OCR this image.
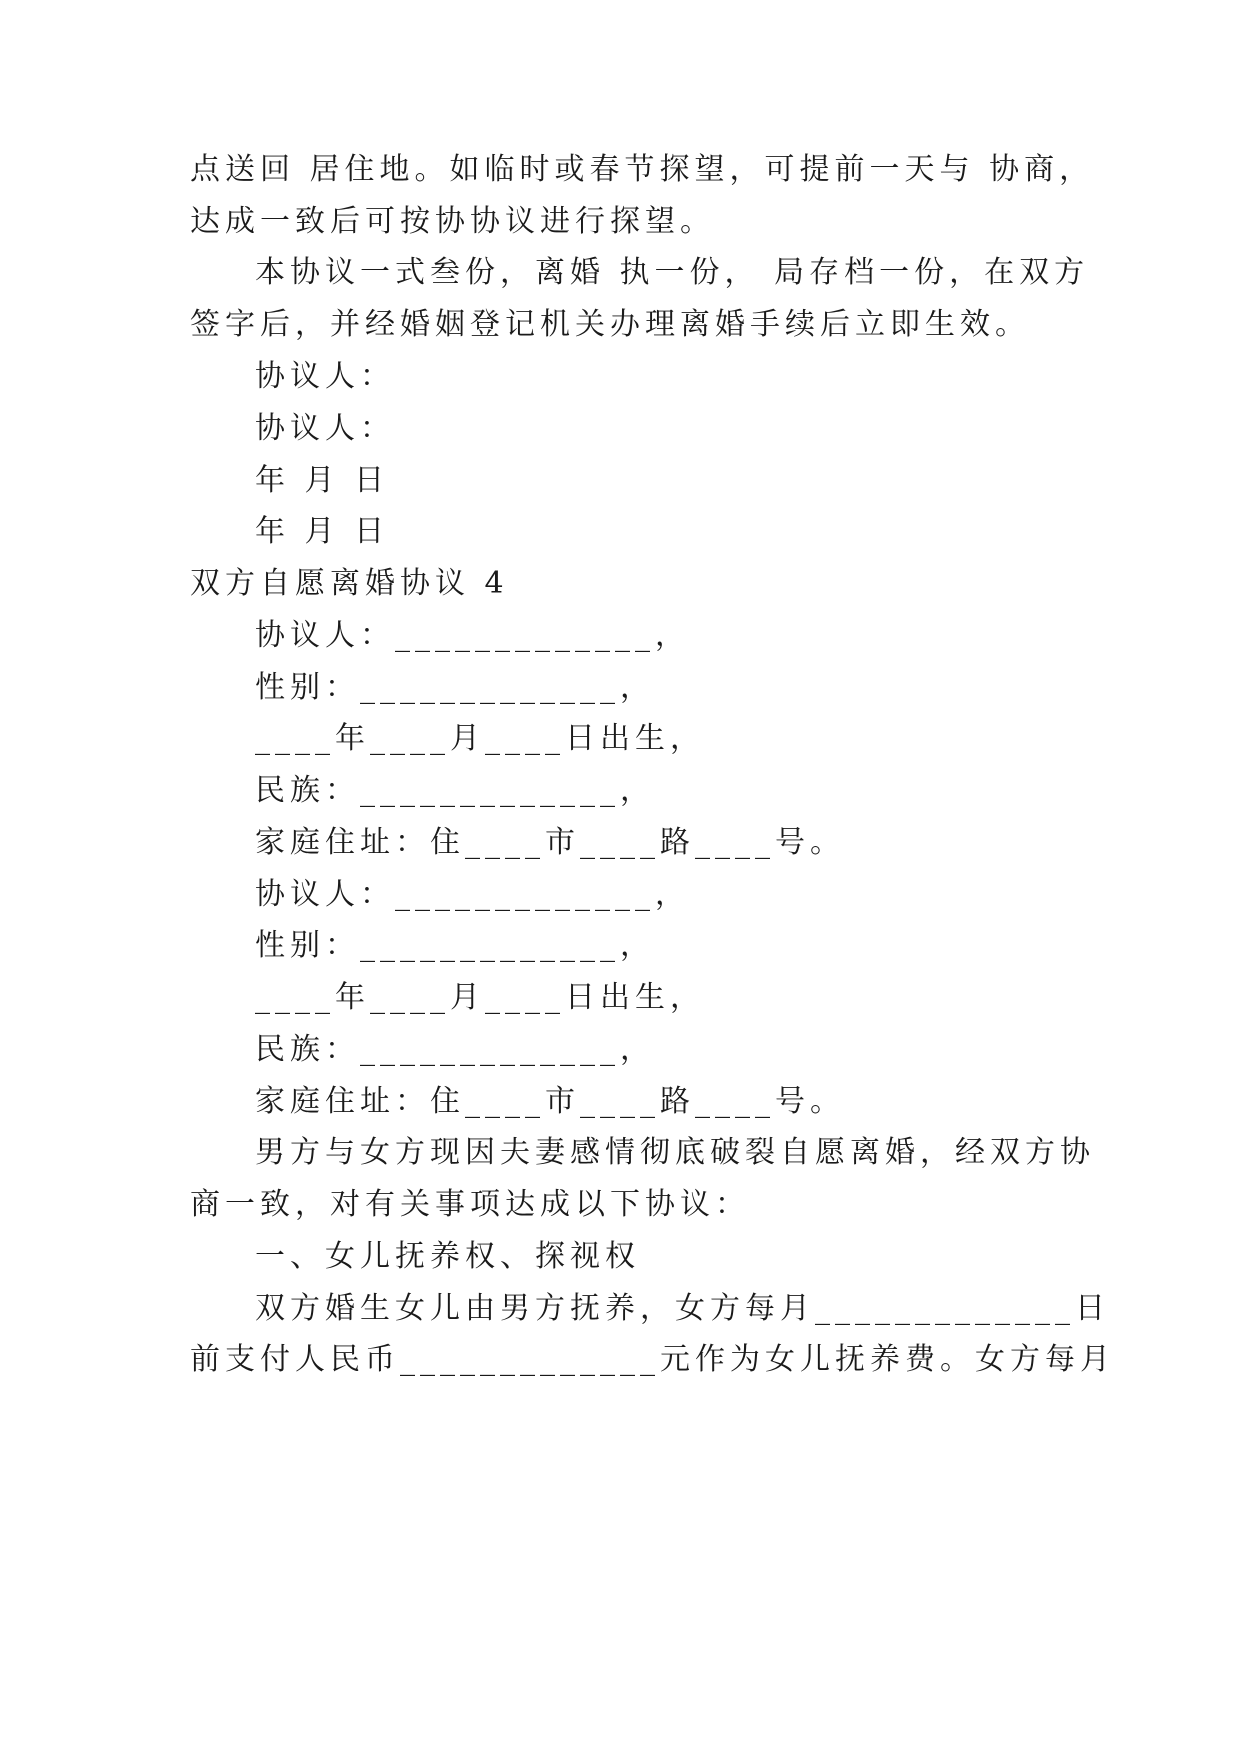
点送回 居住地。如临时或春节探望，可提前一天与 协商，
达成一致后可按协协议进行探望。
本协议一式叁份，离婚 执一份， 局存档一份，在双方
签字后，并经婚姻登记机关办理离婚手续后立即生效。
协议人：
协议人：
年 月 日
年 月 日
双方自愿离婚协议 4
协议人：_____________，
性别：_____________，
____年____月____日出生，
民族：_____________，
家庭住址：住____市____路____号。
协议人：_____________，
性别：_____________，
____年____月____日出生，
民族：_____________，
家庭住址：住____市____路____号。
男方与女方现因夫妻感情彻底破裂自愿离婚，经双方协
商一致，对有关事项达成以下协议：
一、女儿抚养权、探视权
双方婚生女儿由男方抚养，女方每月_____________日
前支付人民币_____________元作为女儿抚养费。女方每月
